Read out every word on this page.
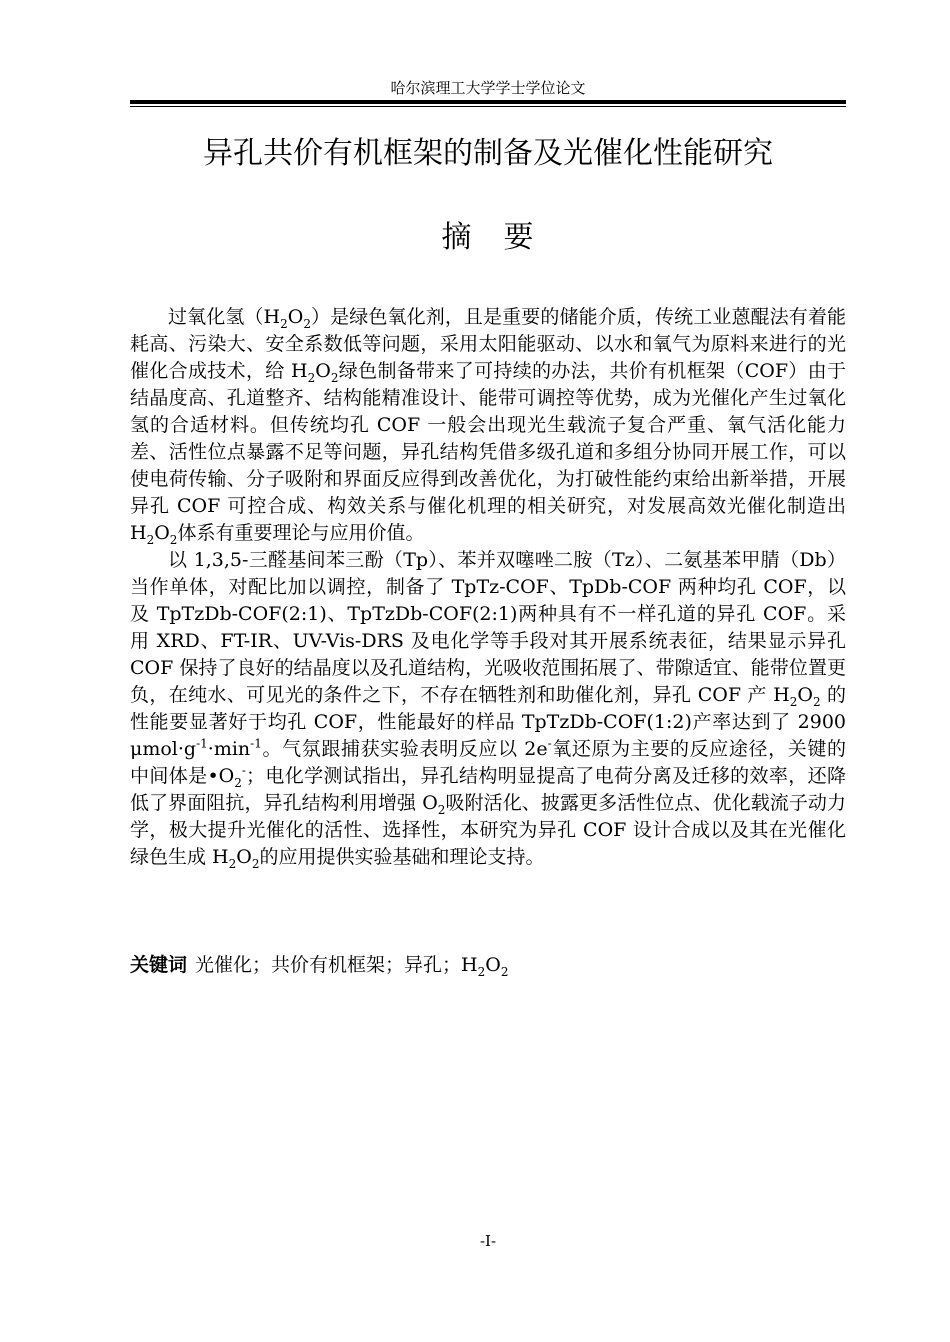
哈尔滨理工大学学士学位论文
异孔共价有机框架的制备及光催化性能研究
摘　要

过氧化氢$(H_2O_2)$是绿色氧化剂，且是重要的储能介质，传统工业蒽醌法有着能耗高、污染大、安全系数低等问题，采用太阳能驱动、以水和氧气为原料来进行的光催化合成技术，给 $H_2O_2$绿色制备带来了可持续的办法，共价有机框架（COF）由于结晶度高、孔道整齐、结构能精准设计、能带可调控等优势，成为光催化产生过氧化氢的合适材料。但传统均孔 COF 一般会出现光生载流子复合严重、氧气活化能力差、活性位点暴露不足等问题，异孔结构凭借多级孔道和多组分协同开展工作，可以使电荷传输、分子吸附和界面反应得到改善优化，为打破性能约束给出新举措，开展异孔 COF 可控合成、构效关系与催化机理的相关研究，对发展高效光催化制造出 $H_2O_2$体系有重要理论与应用价值。

以 1,3,5-三醛基间苯三酚（Tp）、苯并双噻唑二胺（Tz）、二氨基苯甲腈（Db）当作单体，对配比加以调控，制备了 TpTz-COF、TpDb-COF 两种均孔 COF，以及 TpTzDb-COF(2:1)、TpTzDb-COF(2:1)两种具有不一样孔道的异孔 COF。采用 XRD、FT-IR、UV-Vis-DRS 及电化学等手段对其开展系统表征，结果显示异孔 COF 保持了良好的结晶度以及孔道结构，光吸收范围拓展了、带隙适宜、能带位置更负，在纯水、可见光的条件之下，不存在牺牲剂和助催化剂，异孔 COF 产 $H_2O_2$ 的性能要显著好于均孔 COF，性能最好的样品 TpTzDb-COF(1:2)产率达到了 2900 $\mu mol\cdot g^{-1}\cdot\min^{-1}$。气氛跟捕获实验表明反应以 2e-氧还原为主要的反应途径，关键的中间体是$•O_2^-$；电化学测试指出，异孔结构明显提高了电荷分离及迁移的效率，还降低了界面阻抗，异孔结构利用增强 $O_2$吸附活化、披露更多活性位点、优化载流子动力学，极大提升光催化的活性、选择性，本研究为异孔 COF 设计合成以及其在光催化绿色生成 $H_2O_2$的应用提供实验基础和理论支持。

关键词 光催化；共价有机框架；异孔；$H_2O_2$
-I-
